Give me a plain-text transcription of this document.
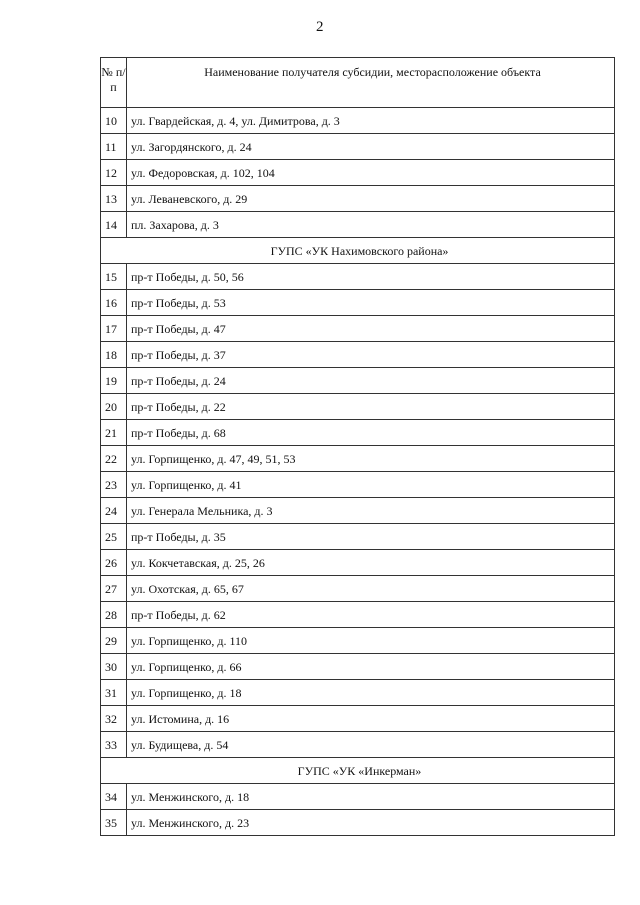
2
№ п/п	Наименование получателя субсидии, месторасположение объекта
10	ул. Гвардейская, д. 4, ул. Димитрова, д. 3
11	ул. Загордянского, д. 24
12	ул. Федоровская, д. 102, 104
13	ул. Леваневского, д. 29
14	пл. Захарова, д. 3
ГУПС «УК Нахимовского района»	
15	пр-т Победы, д. 50, 56
16	пр-т Победы, д. 53
17	пр-т Победы, д. 47
18	пр-т Победы, д. 37
19	пр-т Победы, д. 24
20	пр-т Победы, д. 22
21	пр-т Победы, д. 68
22	ул. Горпищенко, д. 47, 49, 51, 53
23	ул. Горпищенко, д. 41
24	ул. Генерала Мельника, д. 3
25	пр-т Победы, д. 35
26	ул. Кокчетавская, д. 25, 26
27	ул. Охотская, д. 65, 67
28	пр-т Победы, д. 62
29	ул. Горпищенко, д. 110
30	ул. Горпищенко, д. 66
31	ул. Горпищенко, д. 18
32	ул. Истомина, д. 16
33	ул. Будищева, д. 54
ГУПС «УК «Инкерман»	
34	ул. Менжинского, д. 18
35	ул. Менжинского, д. 23
